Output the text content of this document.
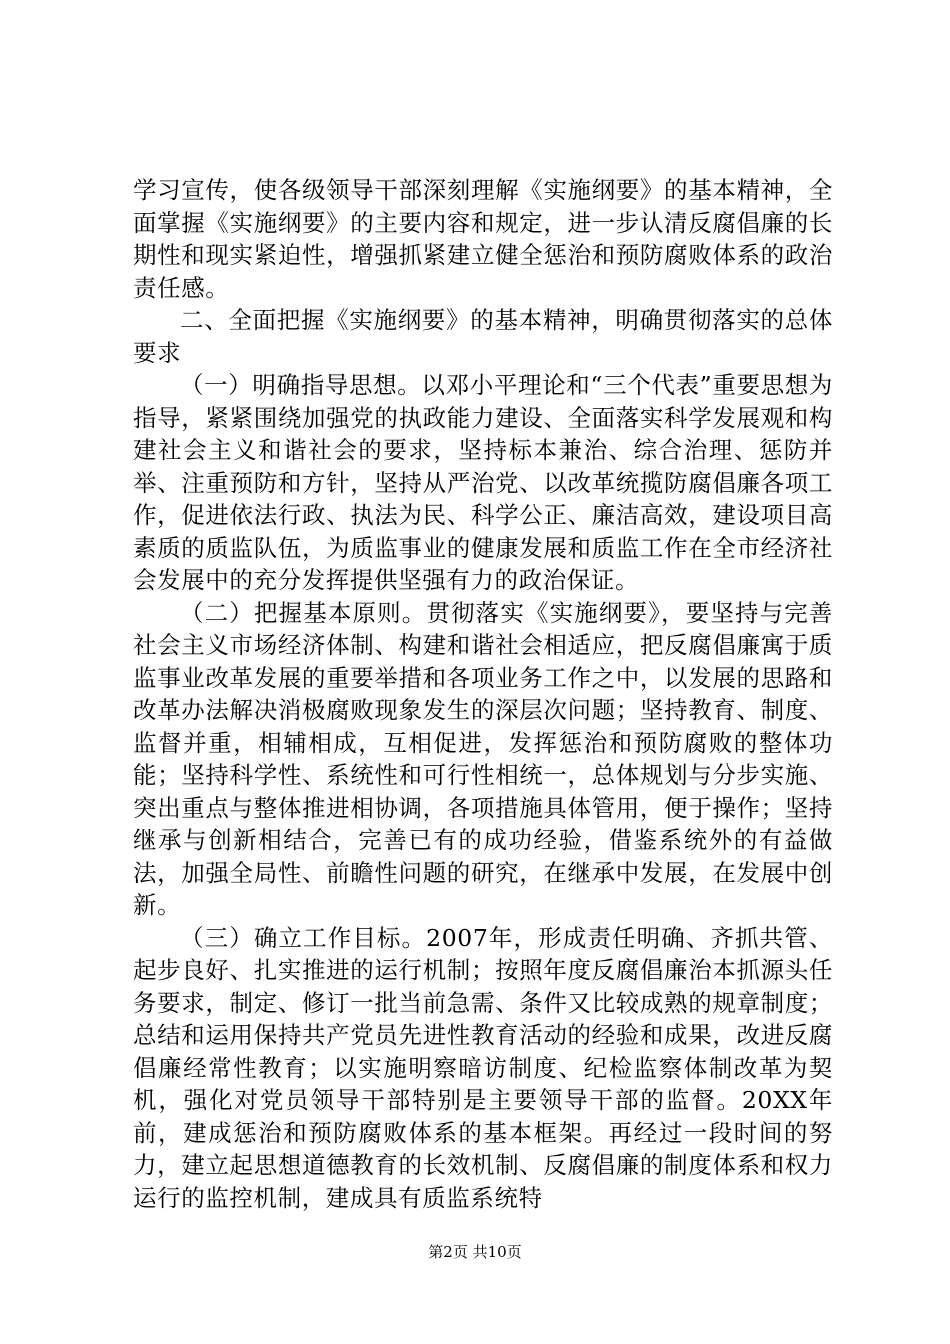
学习宣传，使各级领导干部深刻理解《实施纲要》的基本精神，全面掌握《实施纲要》的主要内容和规定，进一步认清反腐倡廉的长期性和现实紧迫性，增强抓紧建立健全惩治和预防腐败体系的政治责任感。

二、全面把握《实施纲要》的基本精神，明确贯彻落实的总体要求

（一）明确指导思想。以邓小平理论和“三个代表”重要思想为指导，紧紧围绕加强党的执政能力建设、全面落实科学发展观和构建社会主义和谐社会的要求，坚持标本兼治、综合治理、惩防并举、注重预防和方针，坚持从严治党、以改革统揽防腐倡廉各项工作，促进依法行政、执法为民、科学公正、廉洁高效，建设项目高素质的质监队伍，为质监事业的健康发展和质监工作在全市经济社会发展中的充分发挥提供坚强有力的政治保证。

（二）把握基本原则。贯彻落实《实施纲要》，要坚持与完善社会主义市场经济体制、构建和谐社会相适应，把反腐倡廉寓于质监事业改革发展的重要举措和各项业务工作之中，以发展的思路和改革办法解决消极腐败现象发生的深层次问题；坚持教育、制度、监督并重，相辅相成，互相促进，发挥惩治和预防腐败的整体功能；坚持科学性、系统性和可行性相统一，总体规划与分步实施、突出重点与整体推进相协调，各项措施具体管用，便于操作；坚持继承与创新相结合，完善已有的成功经验，借鉴系统外的有益做法，加强全局性、前瞻性问题的研究，在继承中发展，在发展中创新。

（三）确立工作目标。2007年，形成责任明确、齐抓共管、起步良好、扎实推进的运行机制；按照年度反腐倡廉治本抓源头任务要求，制定、修订一批当前急需、条件又比较成熟的规章制度；总结和运用保持共产党员先进性教育活动的经验和成果，改进反腐倡廉经常性教育；以实施明察暗访制度、纪检监察体制改革为契机，强化对党员领导干部特别是主要领导干部的监督。20XX年前，建成惩治和预防腐败体系的基本框架。再经过一段时间的努力，建立起思想道德教育的长效机制、反腐倡廉的制度体系和权力运行的监控机制，建成具有质监系统特

第2页 共10页
